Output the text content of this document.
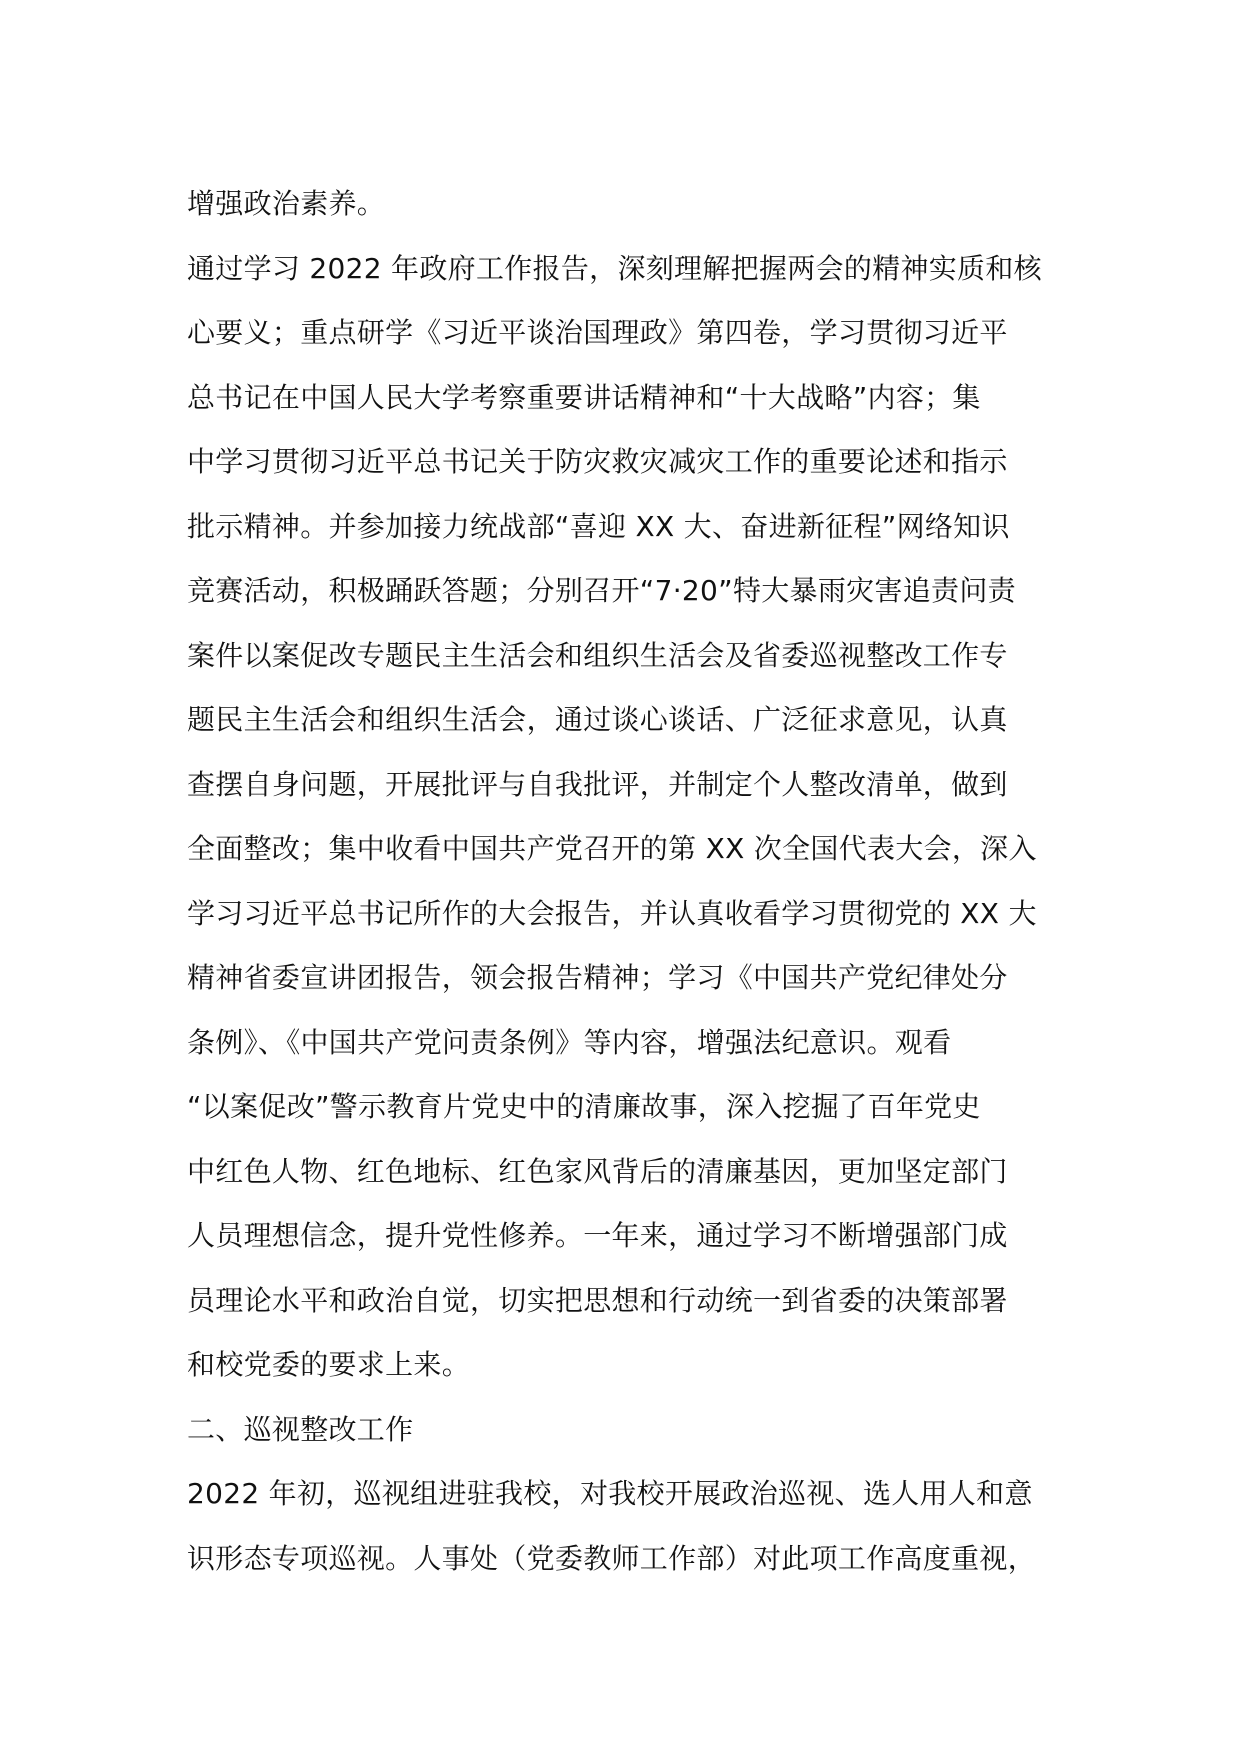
增强政治素养。
通过学习 2022 年政府工作报告，深刻理解把握两会的精神实质和核
心要义；重点研学《习近平谈治国理政》第四卷，学习贯彻习近平
总书记在中国人民大学考察重要讲话精神和“十大战略”内容；集
中学习贯彻习近平总书记关于防灾救灾减灾工作的重要论述和指示
批示精神。并参加接力统战部“喜迎 XX 大、奋进新征程”网络知识
竞赛活动，积极踊跃答题；分别召开“7·20”特大暴雨灾害追责问责
案件以案促改专题民主生活会和组织生活会及省委巡视整改工作专
题民主生活会和组织生活会，通过谈心谈话、广泛征求意见，认真
查摆自身问题，开展批评与自我批评，并制定个人整改清单，做到
全面整改；集中收看中国共产党召开的第 XX 次全国代表大会，深入
学习习近平总书记所作的大会报告，并认真收看学习贯彻党的 XX 大
精神省委宣讲团报告，领会报告精神；学习《中国共产党纪律处分
条例》、《中国共产党问责条例》等内容，增强法纪意识。观看
“以案促改”警示教育片党史中的清廉故事，深入挖掘了百年党史
中红色人物、红色地标、红色家风背后的清廉基因，更加坚定部门
人员理想信念，提升党性修养。一年来，通过学习不断增强部门成
员理论水平和政治自觉，切实把思想和行动统一到省委的决策部署
和校党委的要求上来。
二、巡视整改工作
2022 年初，巡视组进驻我校，对我校开展政治巡视、选人用人和意
识形态专项巡视。人事处（党委教师工作部）对此项工作高度重视，
